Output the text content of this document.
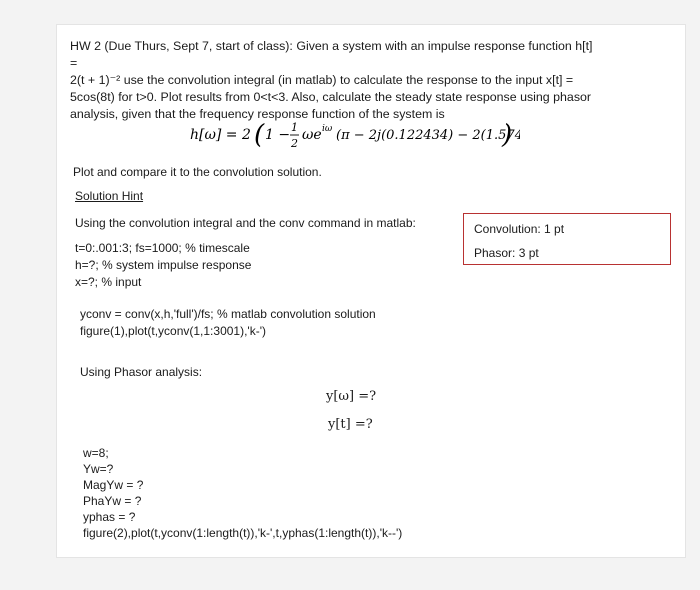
HW 2 (Due Thurs, Sept 7, start of class): Given a system with an impulse response function h[t] =
2(t + 1)⁻² use the convolution integral (in matlab) to calculate the response to the input x[t] =
5cos(8t) for t>0. Plot results from 0<t<3. Also, calculate the steady state response using phasor
analysis, given that the frequency response function of the system is
h[ω] = 2 ( 1 − 1
2
ωe iω (π − 2j(0.122434) − 2(1.57
)
Plot and compare it to the convolution solution.
Solution Hint
Using the convolution integral and the conv command in matlab:
t=0:.001:3; fs=1000; % timescale
h=?; % system impulse response
x=?; % input
yconv = conv(x,h,'full')/fs; % matlab convolution solution
figure(1),plot(t,yconv(1,1:3001),'k-')
Using Phasor analysis:
y[ω] =?
y[t] =?
w=8;
Yw=?
MagYw = ?
PhaYw = ?
yphas = ?
figure(2),plot(t,yconv(1:length(t)),'k-',t,yphas(1:length(t)),'k--')
Convolution: 1 pt
Phasor: 3 pt
